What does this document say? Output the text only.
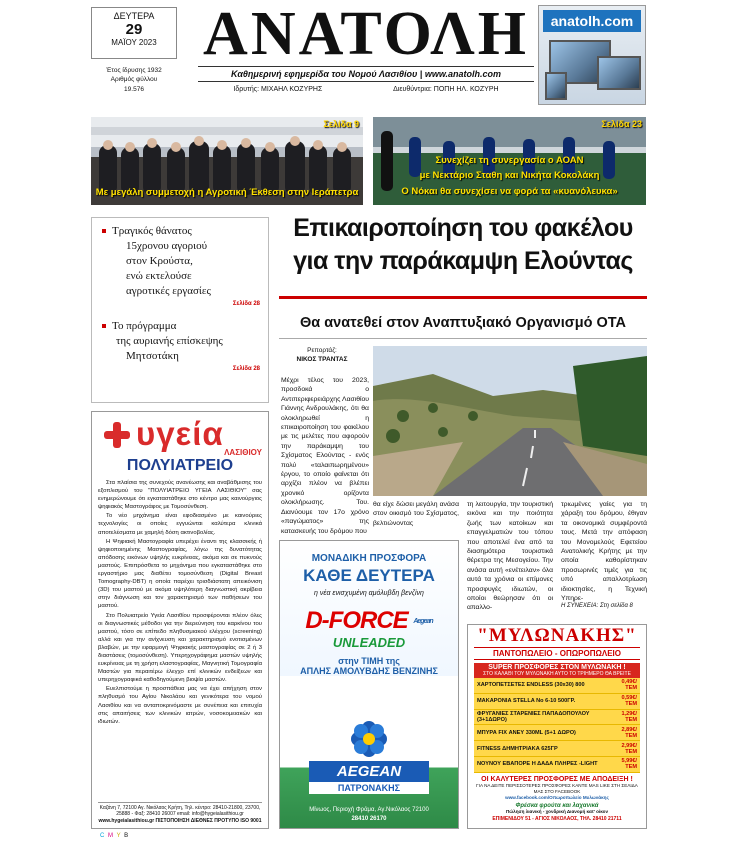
ΔΕΥΤΕΡΑ
29
ΜΑΪΟΥ 2023
Έτος ίδρυσης 1932
Αριθμός φύλλου
19.576
ΑΝΑΤΟΛΗ
Καθημερινή εφημερίδα του Νομού Λασιθίου | www.anatolh.com
Ιδρυτής: ΜΙΧΑΗΛ ΚΟΖΥΡΗΣ	Διευθύντρια: ΠΟΠΗ ΗΛ. ΚΟΖΥΡΗ
anatolh.com
Σελίδα 9
Με μεγάλη συμμετοχή η Αγροτική Έκθεση στην Ιεράπετρα
Σελίδα 23
Συνεχίζει τη συνεργασία ο ΑΟΑΝ
με Νεκτάριο Σταθη και Νικήτα Κοκολάκη
Ο Νόκαι θα συνεχίσει να φορά τα «κυανόλευκα»
Τραγικός θάνατος
15χρονου αγοριού
στον Κρούστα,
ενώ εκτελούσε
αγροτικές εργασίες
Σελίδα 28
Το πρόγραμμα
της αυριανής επίσκεψης
Μητσοτάκη
Σελίδα 28
Επικαιροποίηση του φακέλου
για την παράκαμψη Ελούντας
Θα ανατεθεί στον Αναπτυξιακό Οργανισμό ΟΤΑ
Ρεπορτάζ:
ΝΙΚΟΣ ΤΡΑΝΤΑΣ
Μέχρι τέλος του 2023, προσδοκά ο Αντιπεριφερειάρχης Λασιθίου Γιάννης Ανδρουλάκης, ότι θα ολοκληρωθεί η επικαιροποίηση του φακέλου με τις μελέτες που αφορούν την παράκαμψη του Σχίσματος Ελούντας - ενός πολύ «ταλαιπωρημένου» έργου, το οποίο φαίνεται ότι αρχίζει πλέον να βλέπει χρονικό ορίζοντα ολοκλήρωσης. Του. Διανύουμε τον 17ο χρόνο «παγώματος» της κατασκευής του δρόμου που
θα είχε δώσει μεγάλη ανάσα στον οικισμό του Σχίσματος, βελτιώνοντας
τη λειτουργία, την τουριστική εικόνα και την ποιότητα ζωής των κατοίκων και επαγγελματιών του τόπου που αποτελεί ένα από τα διασημότερα τουριστικά θέρετρα της Μεσογείου. Την ανάσα αυτή «ενέτειλαν» όλα αυτά τα χρόνια οι επίμονες προσφυγές ιδιωτών, οι οποίοι θεώρησαν ότι οι απαλλο-
τριωμένες γαίες για τη χάραξη του δρόμου, έθιγαν τα οικονομικά συμφέροντά τους. Μετά την απόφαση του Μονομελούς Εφετείου Ανατολικής Κρήτης με την οποία καθορίστηκαν προσωρινές τιμές για τις υπό απαλλοτρίωση ιδιοκτησίες, η Τεχνική Υπηρε-
Η ΣΥΝΕΧΕΙΑ: Στη σελίδα 8
υγεία
ΛΑΣΙΘΙΟΥ
ΠΟΛΥΙΑΤΡΕΙΟ

Στα πλαίσια της συνεχούς ανανέωσης και αναβάθμισης του εξοπλισμού του "ΠΟΛΥΙΑΤΡΕΙΟ ΥΓΕΙΑ ΛΑΣΙΘΙΟΥ" σας ενημερώνουμε ότι εγκαταστάθηκε στο κέντρο μας καινούργιος ψηφιακός Μαστογράφος με Τομοσύνθεση.

Το νέο μηχάνημα είναι εφοδιασμένο με καινούριες τεχνολογίες οι οποίες εγγυώνται καλύτερα κλινικά αποτελέσματα με χαμηλή δόση ακτινοβολίας.

Η Ψηφιακή Μαστογραφία υπερέχει έναντι της κλασσικής ή ψηφιοποιημένης Μαστογραφίας, λόγω της δυνατότητας απόδοσης εικόνων υψηλής ευκρίνειας, ακόμα και σε πυκνούς μαστούς. Επιπρόσθετα το μηχάνημα που εγκαταστάθηκε στο εργαστήριο μας διαθέτει τομοσύνθεση (Digital Breast Tomography-DBT) η οποία παρέχει τρισδιάστατη απεικόνιση (3D) του μαστού με ακόμα υψηλότερη διαγνωστική ακρίβεια στην διάγνωση και τον χαρακτηρισμό των παθήσεων του μαστού.

Στο Πολυιατρείο Υγεία Λασιθίου προσφέρονται πλέον όλες οι διαγνωστικές μέθοδοι για την διερεύνηση του καρκίνου του μαστού, τόσο σε επίπεδο πληθυσμιακού ελέγχου (screening) αλλά και για την ανίχνευση και χαρακτηρισμό ενοτισμένων βλαβών, με την εφαρμογή Ψηφιακής μαστογραφίας σε 2 ή 3 διαστάσεις (τομοσύνθεση). Υπερηχογράφημα μαστών υψηλής ευκρίνειας με τη χρήση ελαστογραφίας, Μαγνητική Τομογραφία Μαστών για περαιτέρω έλεγχο επί κλινικών ενδείξεων και υπερηχογραφικά καθοδηγούμενη βιοψία μαστών.

Ευελπιστούμε η προσπάθεια μας να έχει απήχηση στον πληθυσμό του Αγίου Νικολάου και γενικότερα του νομού Λασιθίου και να ανταποκρινόμαστε με συνέπεια και επιτυχία στις απαιτήσεις των κλινικών ιατρών, νοσοκομειακών και ιδιωτών.

Καζάνη 7, 72100 Αγ. Νικόλαος Κρήτη, Τηλ. κέντρο: 28410-21800, 23700, 25888 - Φαξ: 28410 26007 email: info@hygeialasithiou.gr
www.hygeialasithiou.gr ΠΙΣΤΟΠΟΙΗΣΗ ΔΙΕΘΝΕΣ ΠΡΟΤΥΠΟ ISO 9001
ΜΟΝΑΔΙΚΗ ΠΡΟΣΦΟΡΑ
ΚΑΘΕ ΔΕΥΤΕΡΑ
η νέα ενισχυμένη αμόλυβδη βενζίνη
D-FORCE Aegean
UNLEADED
στην ΤΙΜΗ της
ΑΠΛΗΣ ΑΜΟΛΥΒΔΗΣ ΒΕΝΖΙΝΗΣ
AEGEAN
ΠΑΤΡΟΝΑΚΗΣ
Μίνωος, Περιοχή Φράμα, Αγ.Νικόλαος 72100
28410 26170
"ΜΥΛΩΝΑΚΗΣ"
ΠΑΝΤΟΠΩΛΕΙΟ - ΟΠΩΡΟΠΩΛΕΙΟ
SUPER ΠΡΟΣΦΟΡΕΣ ΣΤΟΝ ΜΥΛΩΝΑΚΗ !
ΣΤΟ ΚΑΛΑΘΙ ΤΟΥ ΜΥΛΩΝΑΚΗ ΑΥΤΟ ΤΟ ΤΡΙΗΜΕΡΟ ΘΑ ΒΡΕΙΤΕ
ΧΑΡΤΟΠΕΤΣΕΤΕΣ ENDLESS (30x30) 800	0,49€/ΤΕΜ
ΜΑΚΑΡΟΝΙΑ STELLA No 6-10 500ΓΡ.	0,59€/ΤΕΜ
ΦΡΥΓΑΝΙΕΣ ΣΤΑΡΕΝΙΕΣ ΠΑΠΑΔΟΠΟΥΛΟΥ (3+1ΔΩΡΟ)	1,29€/ΤΕΜ
ΜΠΥΡΑ FIX ΑΝΕΥ 330ML (5+1 ΔΩΡΟ)	2,89€/ΤΕΜ
FITNESS ΔΗΜΗΤΡΙΑΚΑ 625ΓΡ	2,99€/ΤΕΜ
ΝΟΥΝΟΥ ΕΒΑΠΟΡΕ Η ΔΑΔΑ ΠΛΗΡΕΣ -LIGHT	5,99€/ΤΕΜ
ΟΙ ΚΑΛΥΤΕΡΕΣ ΠΡΟΣΦΟΡΕΣ ΜΕ ΑΠΟΔΕΙΞΗ !
ΓΙΑ ΝΑ ΔΕΙΤΕ ΠΕΡΙΣΣΟΤΕΡΕΣ ΠΡΟΣΦΟΡΕΣ ΚΑΝΤΕ MAS LIKE ΣΤΗ ΣΕΛΙΔΑ ΜΑΣ ΣΤΟ FACEBOOK
www.facebook.com/Οπωροπωλείο Μυλωνάκης
Φρέσκα φρούτα και λαχανικά
Πώληση λιανική - χονδρική Διανομή κατ' οίκον
ΕΠΙΜΕΝΙΔΟΥ 51 - ΑΓΙΟΣ ΝΙΚΟΛΑΟΣ, ΤΗΛ. 28410 21711
C M Y B
